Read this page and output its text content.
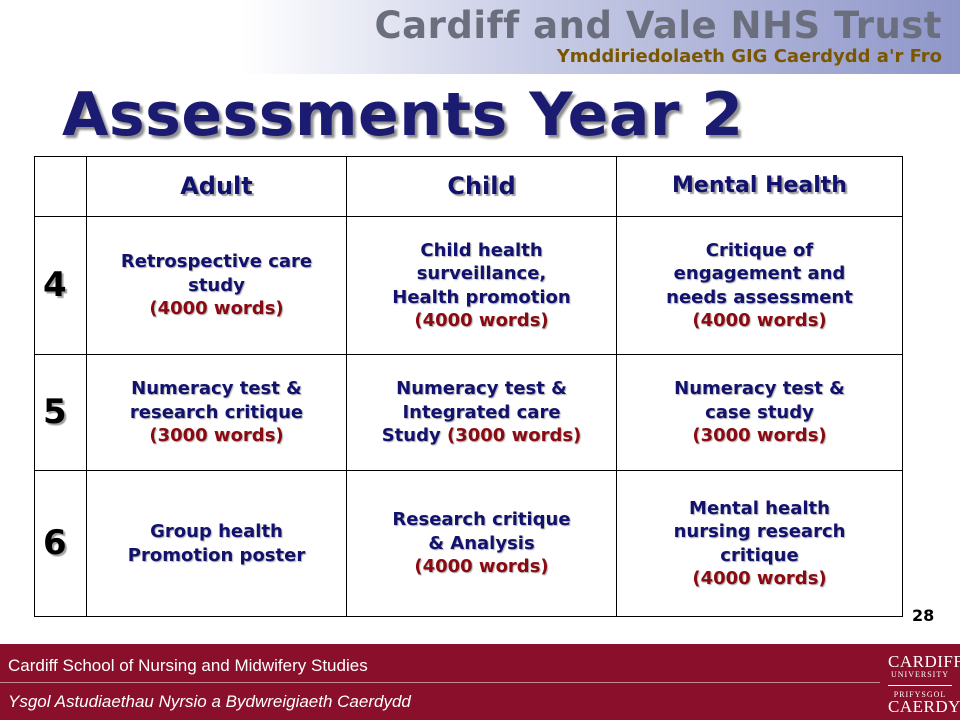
Cardiff and Vale NHS Trust
Ymddiriedolaeth GIG Caerdydd a'r Fro
Assessments Year 2
	Adult	Child	Mental Health
4	Retrospective care
study
(4000 words)	Child health
surveillance,
Health promotion
(4000 words)	Critique of
engagement and
needs assessment
(4000 words)

5	Numeracy test &
research critique
(3000 words)	Numeracy test &
Integrated care
Study (3000 words)	Numeracy test &
case study
(3000 words)

6	Group health
Promotion poster	Research critique
& Analysis
(4000 words)	Mental health
nursing research
critique
(4000 words)
28
Cardiff School of Nursing and Midwifery Studies
Ysgol Astudiaethau Nyrsio a Bydwreigiaeth Caerdydd
CARDIFF
UNIVERSITY
PRIFYSGOL
CAERDYD
